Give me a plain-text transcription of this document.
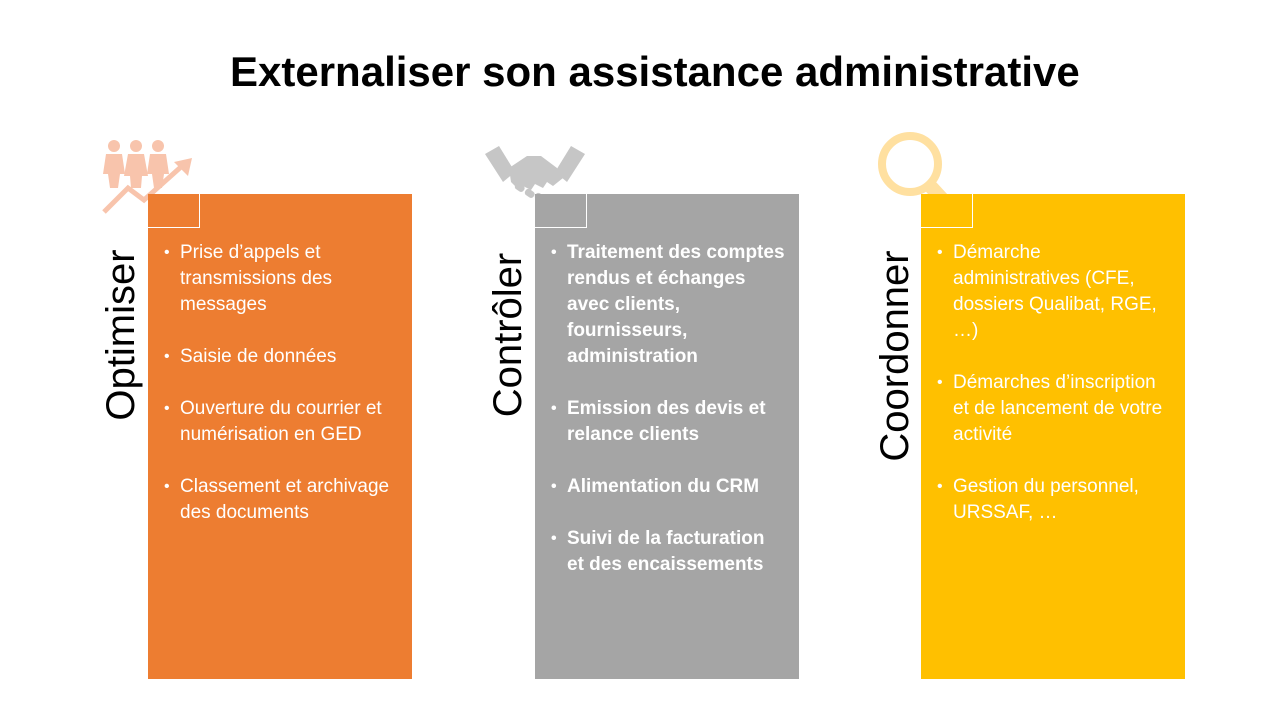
Externaliser son assistance administrative
Optimiser	• Prise d’appels et transmissions des messages
• Saisie de données
• Ouverture du courrier et numérisation en GED
• Classement et archivage des documents
Contrôler
• Traitement des comptes rendus et échanges avec clients, fournisseurs, administration
• Emission des devis et relance clients
• Alimentation du CRM
• Suivi de la facturation et des encaissements
Coordonner	• Démarche administratives (CFE, dossiers Qualibat, RGE, …)
• Démarches d’inscription et de lancement de votre activité
• Gestion du personnel, URSSAF, …
